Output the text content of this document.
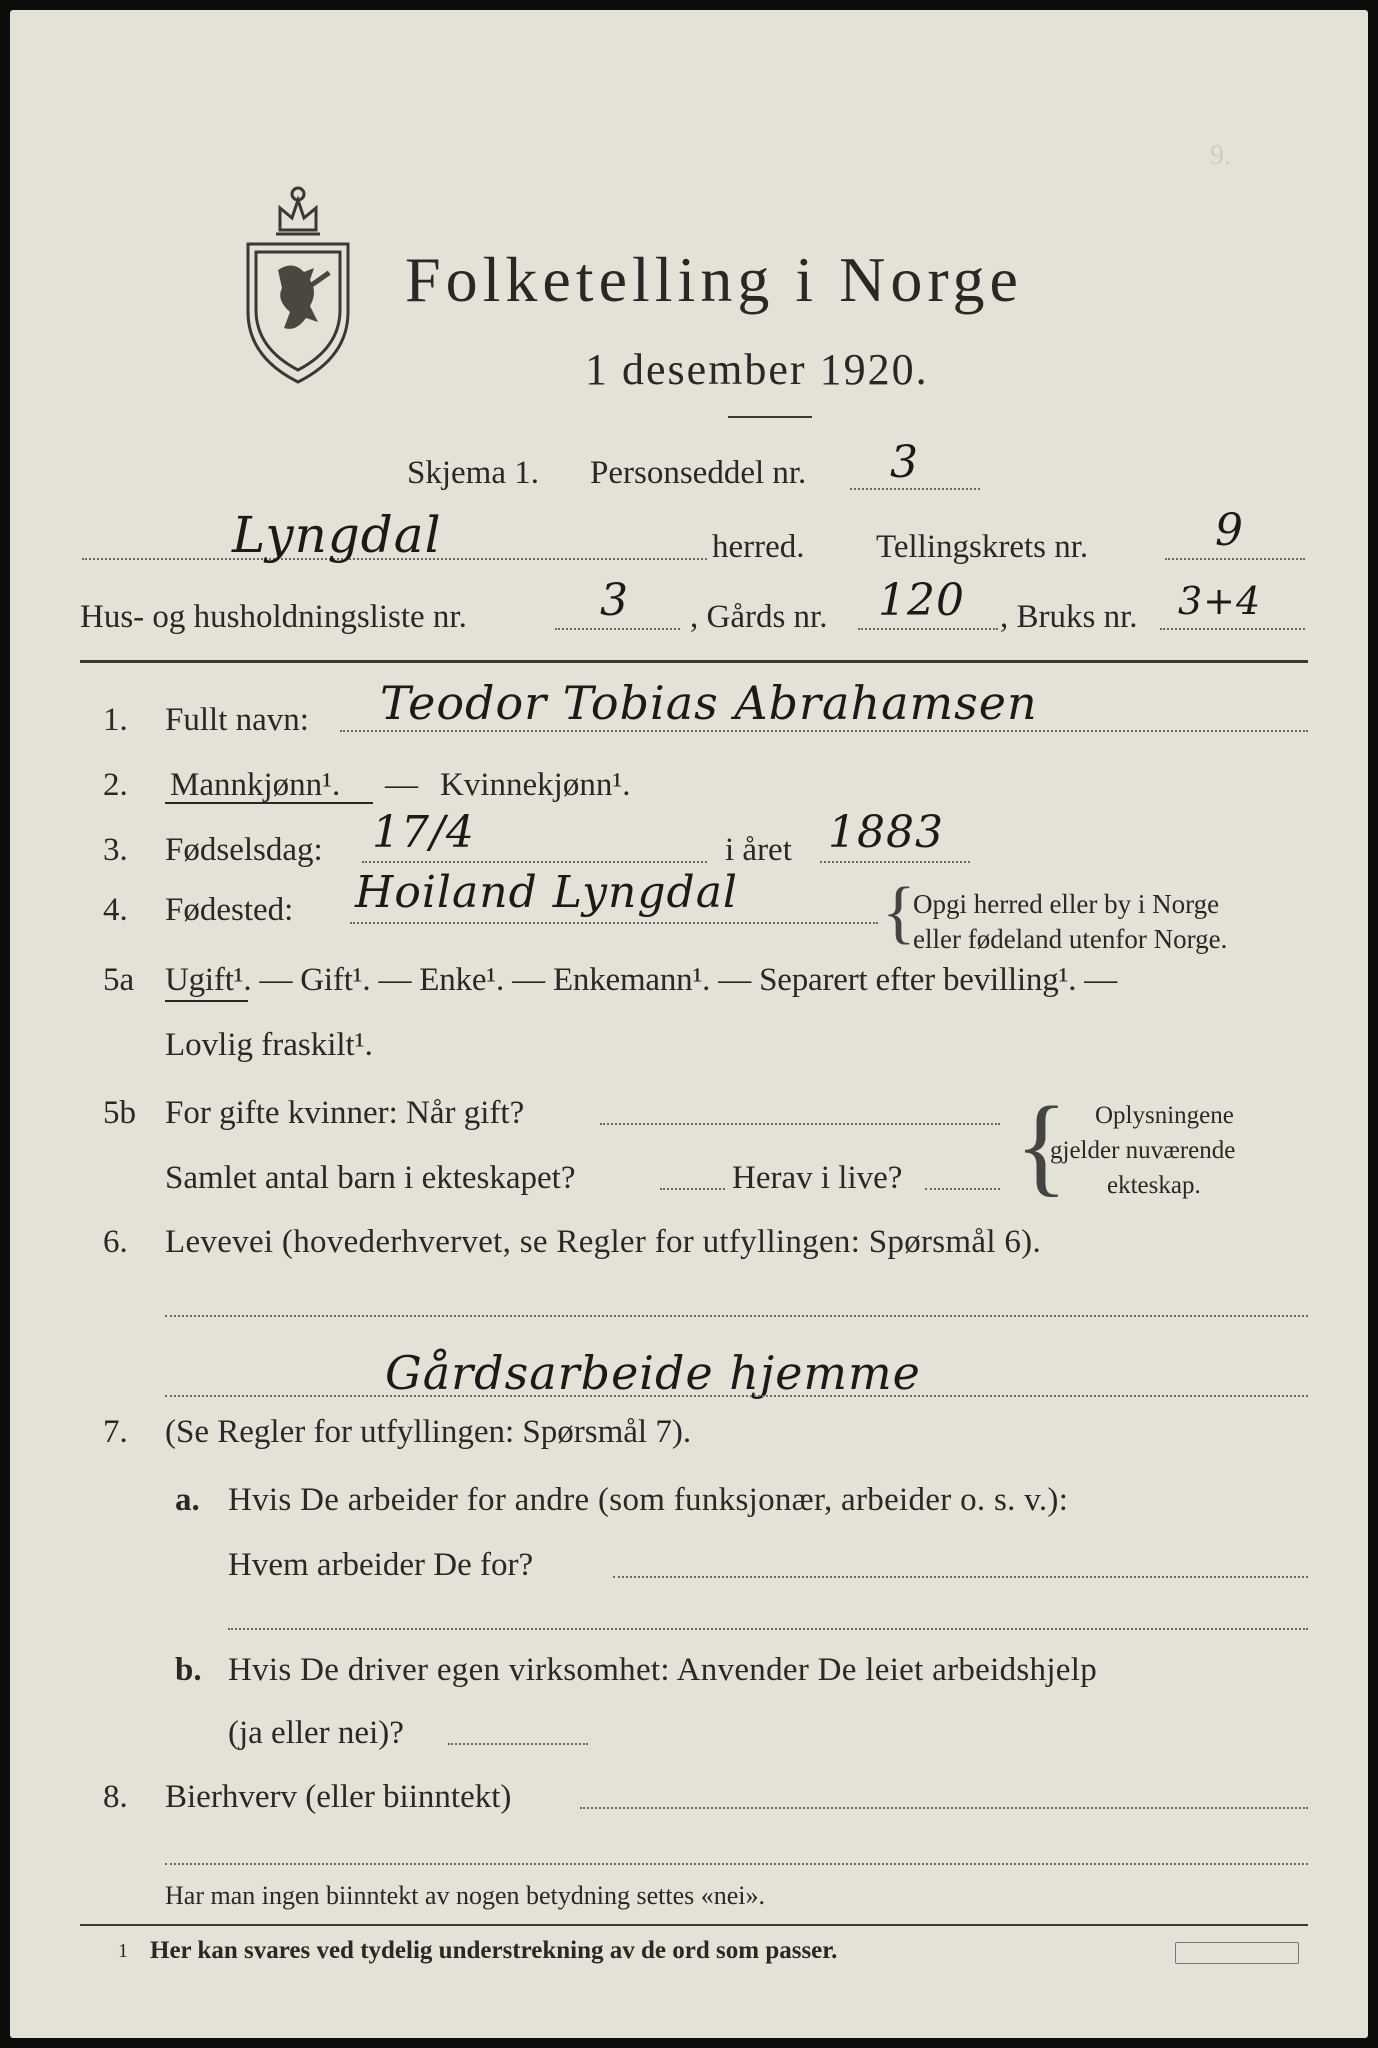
Folketelling i Norge
1 desember 1920.
9.
Skjema 1. Personseddel nr. 3
Lyngdal	herred. Tellingskrets nr.	9
Hus- og husholdningsliste nr.	3 , Gårds nr. 120 , Bruks nr. 3+4
1. Fullt navn: Teodor Tobias Abrahamsen
2. Mannkjønn¹. — Kvinnekjønn¹.
3. Fødselsdag: 17/4	i året 1883
4. Fødested: Hoiland Lyngdal {
Opgi herred eller by i Norge
eller fødeland utenfor Norge.
5a Ugift¹. — Gift¹. — Enke¹. — Enkemann¹. — Separert efter bevilling¹. —
Lovlig fraskilt¹.
5b For gifte kvinner: Når gift?
Samlet antal barn i ekteskapet?	Herav i live? { Oplysningene
gjelder nuværende
ekteskap.
6. Levevei (hovederhvervet, se Regler for utfyllingen: Spørsmål 6).
Gårdsarbeide hjemme
7. (Se Regler for utfyllingen: Spørsmål 7).
a. Hvis De arbeider for andre (som funksjonær, arbeider o. s. v.):
Hvem arbeider De for?
b. Hvis De driver egen virksomhet: Anvender De leiet arbeidshjelp
(ja eller nei)?
8. Bierhverv (eller biinntekt)
Har man ingen biinntekt av nogen betydning settes «nei».
1 Her kan svares ved tydelig understrekning av de ord som passer.
